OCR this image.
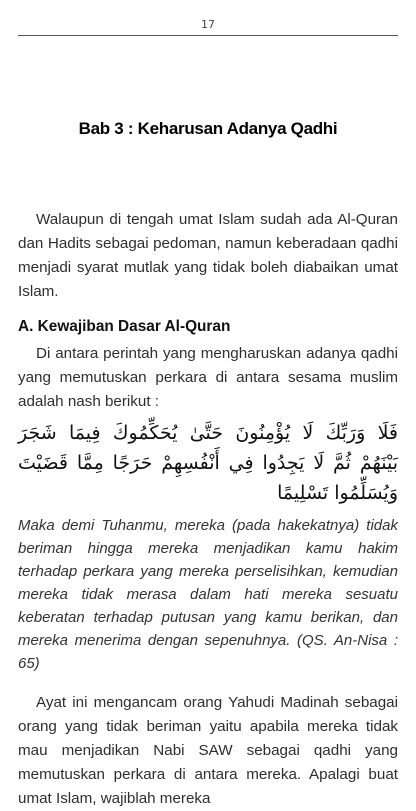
17
Bab 3 : Keharusan Adanya Qadhi

Walaupun di tengah umat Islam sudah ada Al-Quran dan Hadits sebagai pedoman, namun keberadaan qadhi menjadi syarat mutlak yang tidak boleh diabaikan umat Islam.

A. Kewajiban Dasar Al-Quran

Di antara perintah yang mengharuskan adanya qadhi yang memutuskan perkara di antara sesama muslim adalah nash berikut :

فَلَا وَرَبِّكَ لَا يُؤْمِنُونَ حَتَّىٰ يُحَكِّمُوكَ فِيمَا شَجَرَ بَيْنَهُمْ ثُمَّ لَا يَجِدُوا فِي أَنْفُسِهِمْ حَرَجًا مِمَّا قَضَيْتَ وَيُسَلِّمُوا تَسْلِيمًا

Maka demi Tuhanmu, mereka (pada hakekatnya) tidak beriman hingga mereka menjadikan kamu hakim terhadap perkara yang mereka perselisihkan, kemudian mereka tidak merasa dalam hati mereka sesuatu keberatan terhadap putusan yang kamu berikan, dan mereka menerima dengan sepenuhnya. (QS. An-Nisa : 65)

Ayat ini mengancam orang Yahudi Madinah sebagai orang yang tidak beriman yaitu apabila mereka tidak mau menjadikan Nabi SAW sebagai qadhi yang memutuskan perkara di antara mereka. Apalagi buat umat Islam, wajiblah mereka
